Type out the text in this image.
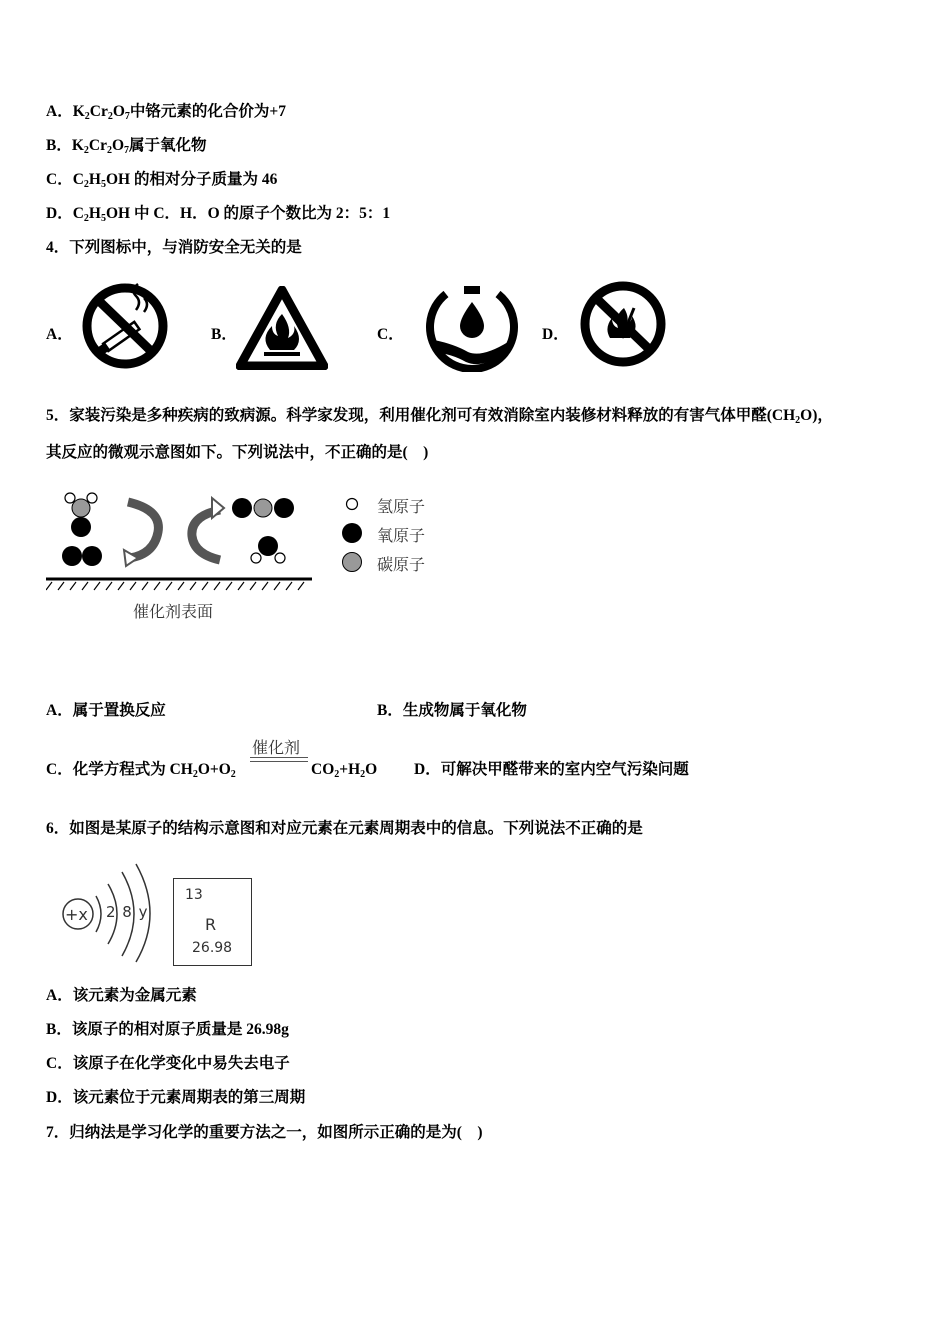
A．$K_2Cr_2O_7$中铬元素的化合价为+7
B．$K_2Cr_2O_7$属于氧化物
C．$C_2H_5OH$ 的相对分子质量为 46
D．$C_2H_5OH$ 中 C．H．O 的原子个数比为 2：5：1
4．下列图标中，与消防安全无关的是
A．	B．	C．	D．
5．家装污染是多种疾病的致病源。科学家发现，利用催化剂可有效消除室内装修材料释放的有害气体甲醛$(CH_2O)$，
其反应的微观示意图如下。下列说法中，不正确的是(　)
催化剂表面
氢原子
氧原子
碳原子
A．属于置换反应	B．生成物属于氧化物
催化剂
C．化学方程式为 $CH_2O+O_2$	$CO_2+H_2O$ D．可解决甲醛带来的室内空气污染问题
6．如图是某原子的结构示意图和对应元素在元素周期表中的信息。下列说法不正确的是
+x 2 8 y
13
R
26.98
A．该元素为金属元素
B．该原子的相对原子质量是 26.98g
C．该原子在化学变化中易失去电子
D．该元素位于元素周期表的第三周期
7．归纳法是学习化学的重要方法之一，如图所示正确的是为(　)
